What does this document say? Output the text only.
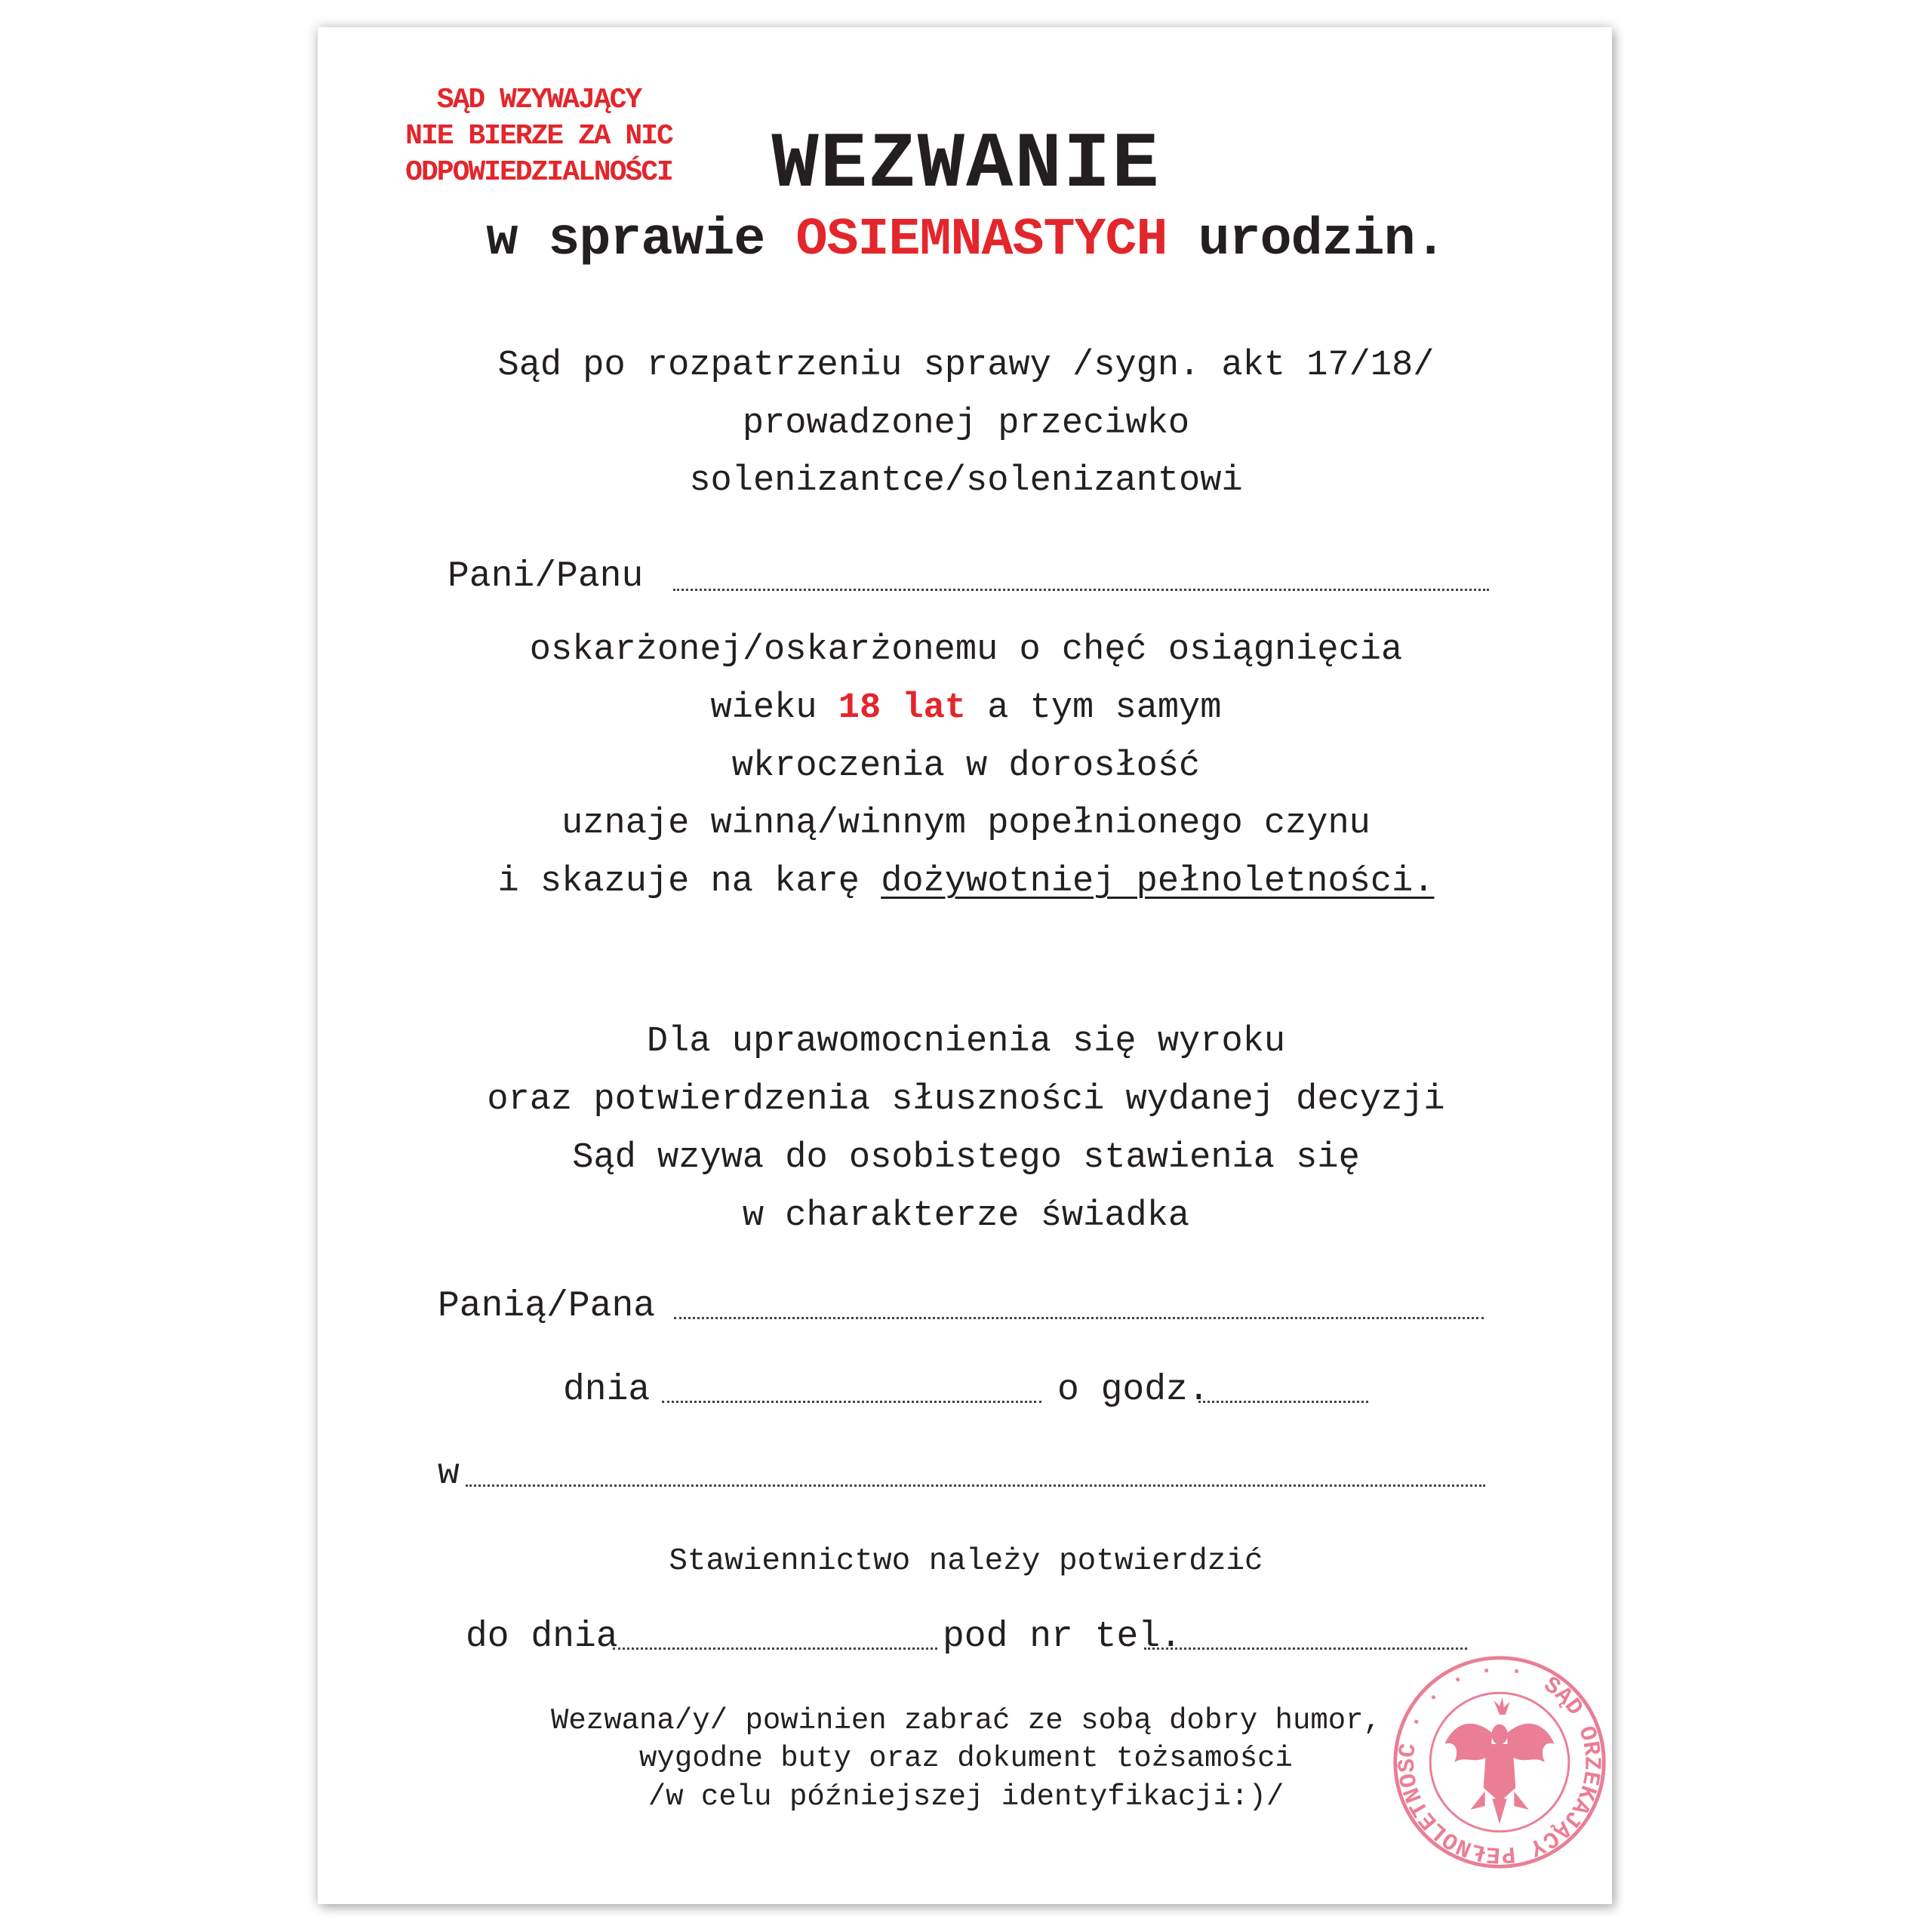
SĄD WZYWAJĄCY
NIE BIERZE ZA NIC
ODPOWIEDZIALNOŚCI	WEZWANIE
w sprawie OSIEMNASTYCH urodzin.
Sąd po rozpatrzeniu sprawy /sygn. akt 17/18/
prowadzonej przeciwko
solenizantce/solenizantowi
Pani/Panu
oskarżonej/oskarżonemu o chęć osiągnięcia
wieku 18 lat a tym samym
wkroczenia w dorosłość
uznaje winną/winnym popełnionego czynu
i skazuje na karę dożywotniej pełnoletności.
Dla uprawomocnienia się wyroku
oraz potwierdzenia słuszności wydanej decyzji
Sąd wzywa do osobistego stawienia się
w charakterze świadka
Panią/Pana
dnia	o godz.
w
Stawiennictwo należy potwierdzić
do dnia	pod nr tel.
Wezwana/y/ powinien zabrać ze sobą dobry humor,
wygodne buty oraz dokument tożsamości
/w celu późniejszej identyfikacji:)/
SĄD ORZEKAJĄCY PEŁNOLETNOŚĆ · · · · ·
